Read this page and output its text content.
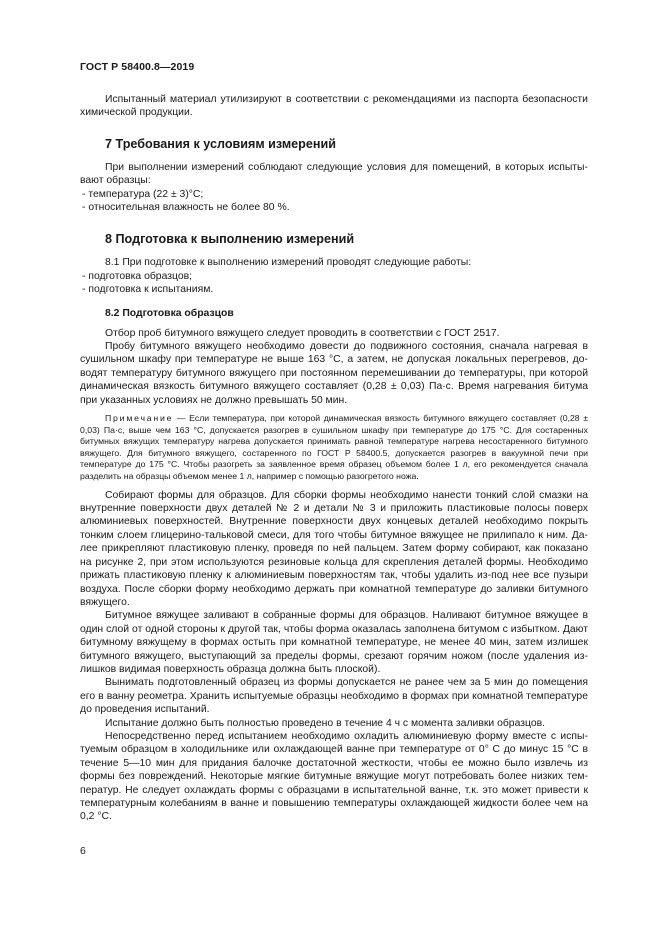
ГОСТ Р 58400.8—2019

Испытанный материал утилизируют в соответствии с рекомендациями из паспорта безопасности химической продукции.

7 Требования к условиям измерений

При выполнении измерений соблюдают следующие условия для помещений, в которых испытывают образцы:

- температура (22 ± 3)°С;
- относительная влажность не более 80 %.
8 Подготовка к выполнению измерений

8.1 При подготовке к выполнению измерений проводят следующие работы:

- подготовка образцов;
- подготовка к испытаниям.
8.2 Подготовка образцов

Отбор проб битумного вяжущего следует проводить в соответствии с ГОСТ 2517.

Пробу битумного вяжущего необходимо довести до подвижного состояния, сначала нагревая в сушильном шкафу при температуре не выше 163 °С, а затем, не допуская локальных перегревов, доводят температуру битумного вяжущего при постоянном перемешивании до температуры, при которой динамическая вязкость битумного вяжущего составляет (0,28 ± 0,03) Па·с. Время нагревания битума при указанных условиях не должно превышать 50 мин.

Примечание — Если температура, при которой динамическая вязкость битумного вяжущего составляет (0,28 ± 0,03) Па·с, выше чем 163 °С, допускается разогрев в сушильном шкафу при температуре до 175 °С. Для состаренных битумных вяжущих температуру нагрева допускается принимать равной температуре нагрева несостаренного битумного вяжущего. Для битумного вяжущего, состаренного по ГОСТ Р 58400.5, допускается разогрев в вакуумной печи при температуре до 175 °С. Чтобы разогреть за заявленное время образец объемом более 1 л, его рекомендуется сначала разделить на образцы объемом менее 1 л, например с помощью разогретого ножа.

Собирают формы для образцов. Для сборки формы необходимо нанести тонкий слой смазки на внутренние поверхности двух деталей № 2 и детали № 3 и приложить пластиковые полосы поверх алюминиевых поверхностей. Внутренние поверхности двух концевых деталей необходимо покрыть тонким слоем глицерино-тальковой смеси, для того чтобы битумное вяжущее не прилипало к ним. Далее прикрепляют пластиковую пленку, проведя по ней пальцем. Затем форму собирают, как показано на рисунке 2, при этом используются резиновые кольца для скрепления деталей формы. Необходимо прижать пластиковую пленку к алюминиевым поверхностям так, чтобы удалить из-под нее все пузыри воздуха. После сборки форму необходимо держать при комнатной температуре до заливки битумного вяжущего.

Битумное вяжущее заливают в собранные формы для образцов. Наливают битумное вяжущее в один слой от одной стороны к другой так, чтобы форма оказалась заполнена битумом с избытком. Дают битумному вяжущему в формах остыть при комнатной температуре, не менее 40 мин, затем излишек битумного вяжущего, выступающий за пределы формы, срезают горячим ножом (после удаления излишков видимая поверхность образца должна быть плоской).

Вынимать подготовленный образец из формы допускается не ранее чем за 5 мин до помещения его в ванну реометра. Хранить испытуемые образцы необходимо в формах при комнатной температуре до проведения испытаний.

Испытание должно быть полностью проведено в течение 4 ч с момента заливки образцов.

Непосредственно перед испытанием необходимо охладить алюминиевую форму вместе с испытуемым образцом в холодильнике или охлаждающей ванне при температуре от 0° С до минус 15 °С в течение 5—10 мин для придания балочке достаточной жесткости, чтобы ее можно было извлечь из формы без повреждений. Некоторые мягкие битумные вяжущие могут потребовать более низких температур. Не следует охлаждать формы с образцами в испытательной ванне, т.к. это может привести к температурным колебаниям в ванне и повышению температуры охлаждающей жидкости более чем на 0,2 °С.

6
